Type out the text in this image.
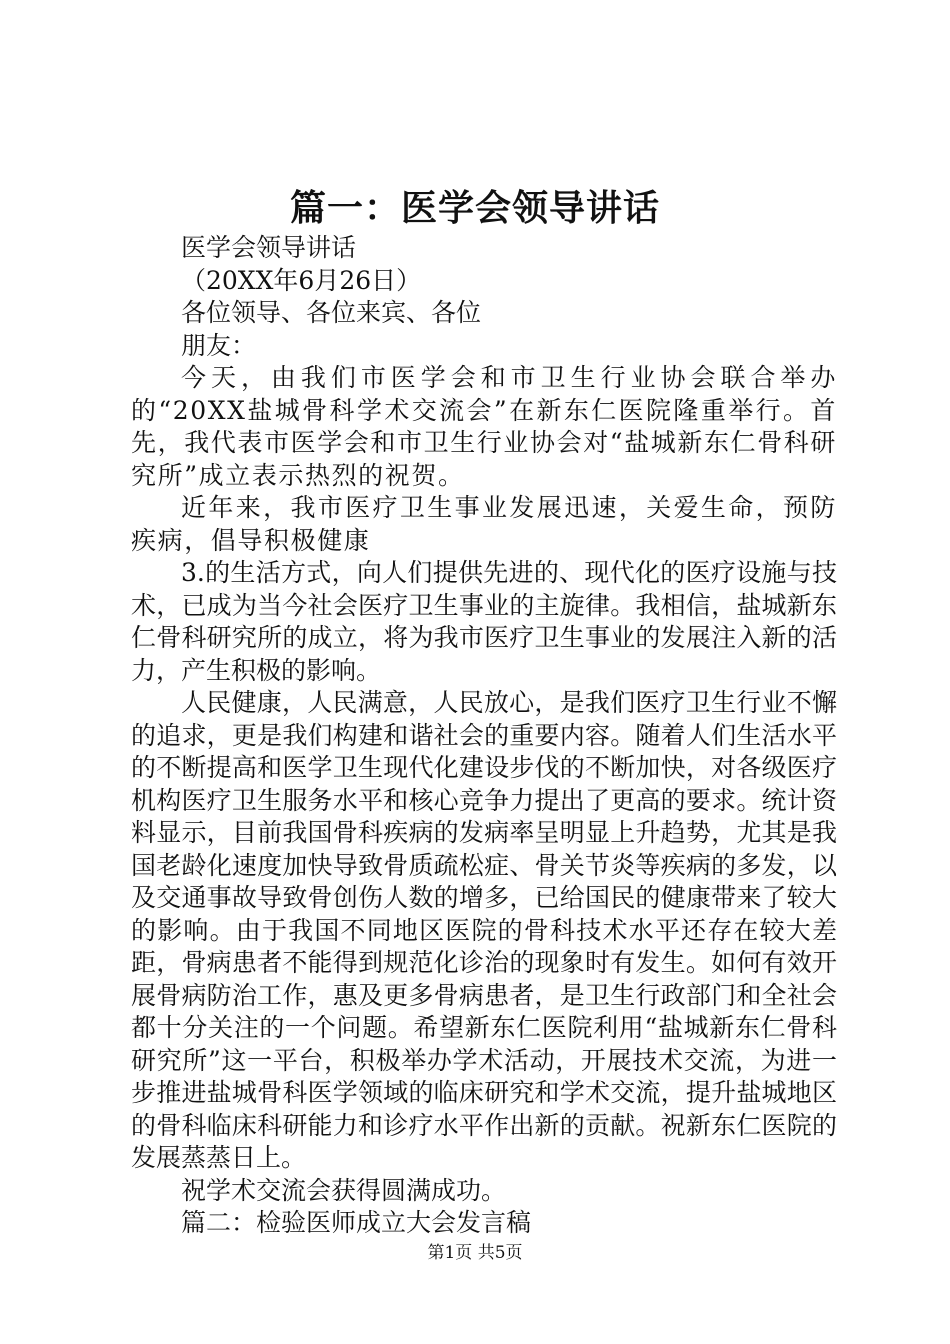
篇一：医学会领导讲话

医学会领导讲话

（20XX年6月26日）

各位领导、各位来宾、各位

朋友：

今天，由我们市医学会和市卫生行业协会联合举办的“20XX盐城骨科学术交流会”在新东仁医院隆重举行。首先，我代表市医学会和市卫生行业协会对“盐城新东仁骨科研究所”成立表示热烈的祝贺。

近年来，我市医疗卫生事业发展迅速，关爱生命，预防疾病，倡导积极健康

3.的生活方式，向人们提供先进的、现代化的医疗设施与技术，已成为当今社会医疗卫生事业的主旋律。我相信，盐城新东仁骨科研究所的成立，将为我市医疗卫生事业的发展注入新的活力，产生积极的影响。

人民健康，人民满意，人民放心，是我们医疗卫生行业不懈的追求，更是我们构建和谐社会的重要内容。随着人们生活水平的不断提高和医学卫生现代化建设步伐的不断加快，对各级医疗机构医疗卫生服务水平和核心竞争力提出了更高的要求。统计资料显示，目前我国骨科疾病的发病率呈明显上升趋势，尤其是我国老龄化速度加快导致骨质疏松症、骨关节炎等疾病的多发，以及交通事故导致骨创伤人数的增多，已给国民的健康带来了较大的影响。由于我国不同地区医院的骨科技术水平还存在较大差距，骨病患者不能得到规范化诊治的现象时有发生。如何有效开展骨病防治工作，惠及更多骨病患者，是卫生行政部门和全社会都十分关注的一个问题。希望新东仁医院利用“盐城新东仁骨科研究所”这一平台，积极举办学术活动，开展技术交流，为进一步推进盐城骨科医学领域的临床研究和学术交流，提升盐城地区的骨科临床科研能力和诊疗水平作出新的贡献。祝新东仁医院的发展蒸蒸日上。

祝学术交流会获得圆满成功。

篇二：检验医师成立大会发言稿

第1页 共5页
